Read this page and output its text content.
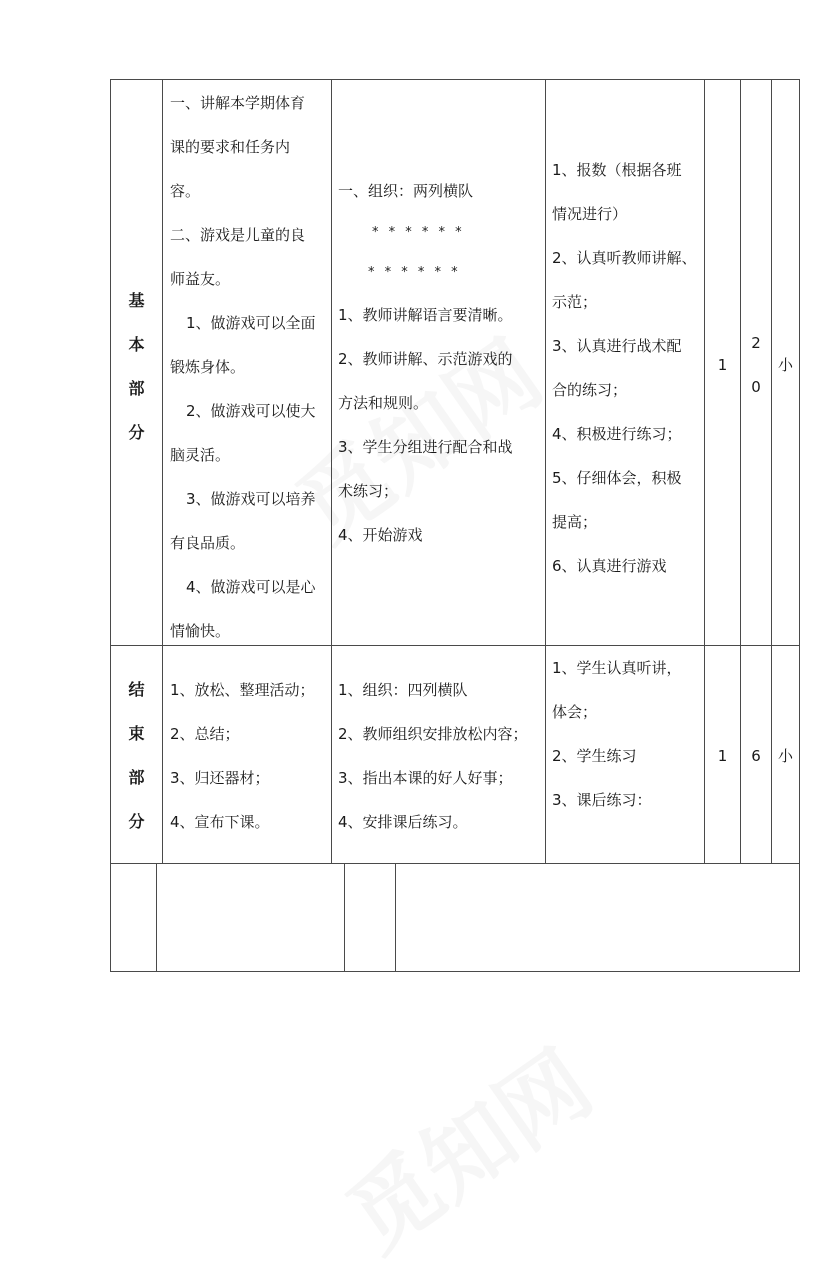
基
本
部
分
一、讲解本学期体育
课的要求和任务内
容。
二、游戏是儿童的良
师益友。
1、做游戏可以全面
锻炼身体。
2、做游戏可以使大
脑灵活。
3、做游戏可以培养
有良品质。
4、做游戏可以是心
情愉快。
一、组织：两列横队
* * * * * *
* * * * * *
1、教师讲解语言要清晰。
2、教师讲解、示范游戏的
方法和规则。
3、学生分组进行配合和战
术练习；
4、开始游戏
1、报数（根据各班
情况进行）
2、认真听教师讲解、
示范；
3、认真进行战术配
合的练习；
4、积极进行练习；
5、仔细体会，积极
提高；
6、认真进行游戏
1
2
0
小
结
束
部
分
1、放松、整理活动；
2、总结；
3、归还器材；
4、宣布下课。
1、组织：四列横队
2、教师组织安排放松内容；
3、指出本课的好人好事；
4、安排课后练习。
1、学生认真听讲，
体会；
2、学生练习
3、课后练习：
1	6	小
